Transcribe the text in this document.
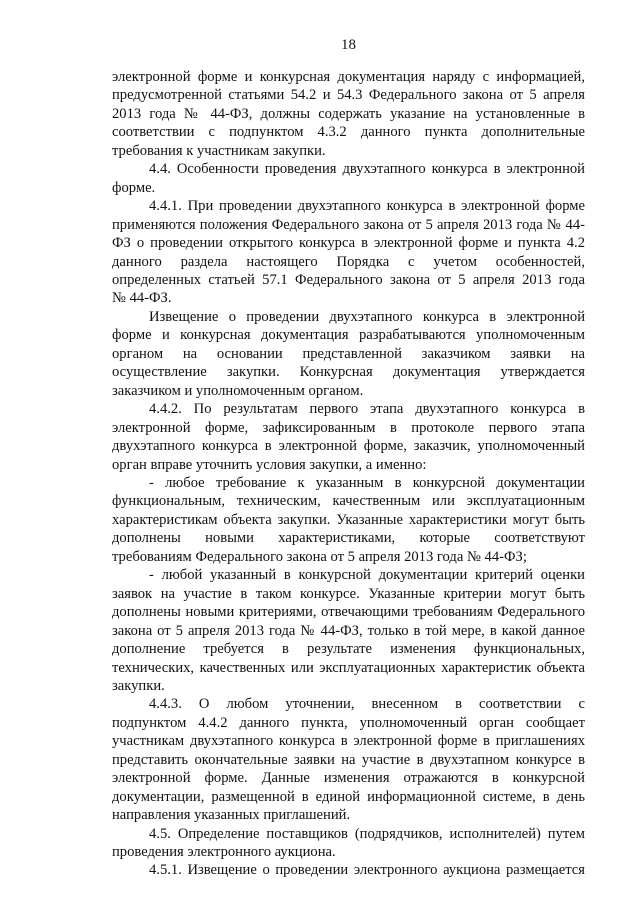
18

электронной форме и конкурсная документация наряду с информацией, предусмотренной статьями 54.2 и 54.3 Федерального закона от 5 апреля 2013 года № 44-ФЗ, должны содержать указание на установленные в соответствии с подпунктом 4.3.2 данного пункта дополнительные требования к участникам закупки.

4.4. Особенности проведения двухэтапного конкурса в электронной форме.

4.4.1. При проведении двухэтапного конкурса в электронной форме применяются положения Федерального закона от 5 апреля 2013 года № 44-ФЗ о проведении открытого конкурса в электронной форме и пункта 4.2 данного раздела настоящего Порядка с учетом особенностей, определенных статьей 57.1 Федерального закона от 5 апреля 2013 года № 44-ФЗ.

Извещение о проведении двухэтапного конкурса в электронной форме и конкурсная документация разрабатываются уполномоченным органом на основании представленной заказчиком заявки на осуществление закупки. Конкурсная документация утверждается заказчиком и уполномоченным органом.

4.4.2. По результатам первого этапа двухэтапного конкурса в электронной форме, зафиксированным в протоколе первого этапа двухэтапного конкурса в электронной форме, заказчик, уполномоченный орган вправе уточнить условия закупки, а именно:

- любое требование к указанным в конкурсной документации функциональным, техническим, качественным или эксплуатационным характеристикам объекта закупки. Указанные характеристики могут быть дополнены новыми характеристиками, которые соответствуют требованиям Федерального закона от 5 апреля 2013 года № 44-ФЗ;

- любой указанный в конкурсной документации критерий оценки заявок на участие в таком конкурсе. Указанные критерии могут быть дополнены новыми критериями, отвечающими требованиям Федерального закона от 5 апреля 2013 года № 44-ФЗ, только в той мере, в какой данное дополнение требуется в результате изменения функциональных, технических, качественных или эксплуатационных характеристик объекта закупки.

4.4.3. О любом уточнении, внесенном в соответствии с подпунктом 4.4.2 данного пункта, уполномоченный орган сообщает участникам двухэтапного конкурса в электронной форме в приглашениях представить окончательные заявки на участие в двухэтапном конкурсе в электронной форме. Данные изменения отражаются в конкурсной документации, размещенной в единой информационной системе, в день направления указанных приглашений.

4.5. Определение поставщиков (подрядчиков, исполнителей) путем проведения электронного аукциона.

4.5.1. Извещение о проведении электронного аукциона размещается
